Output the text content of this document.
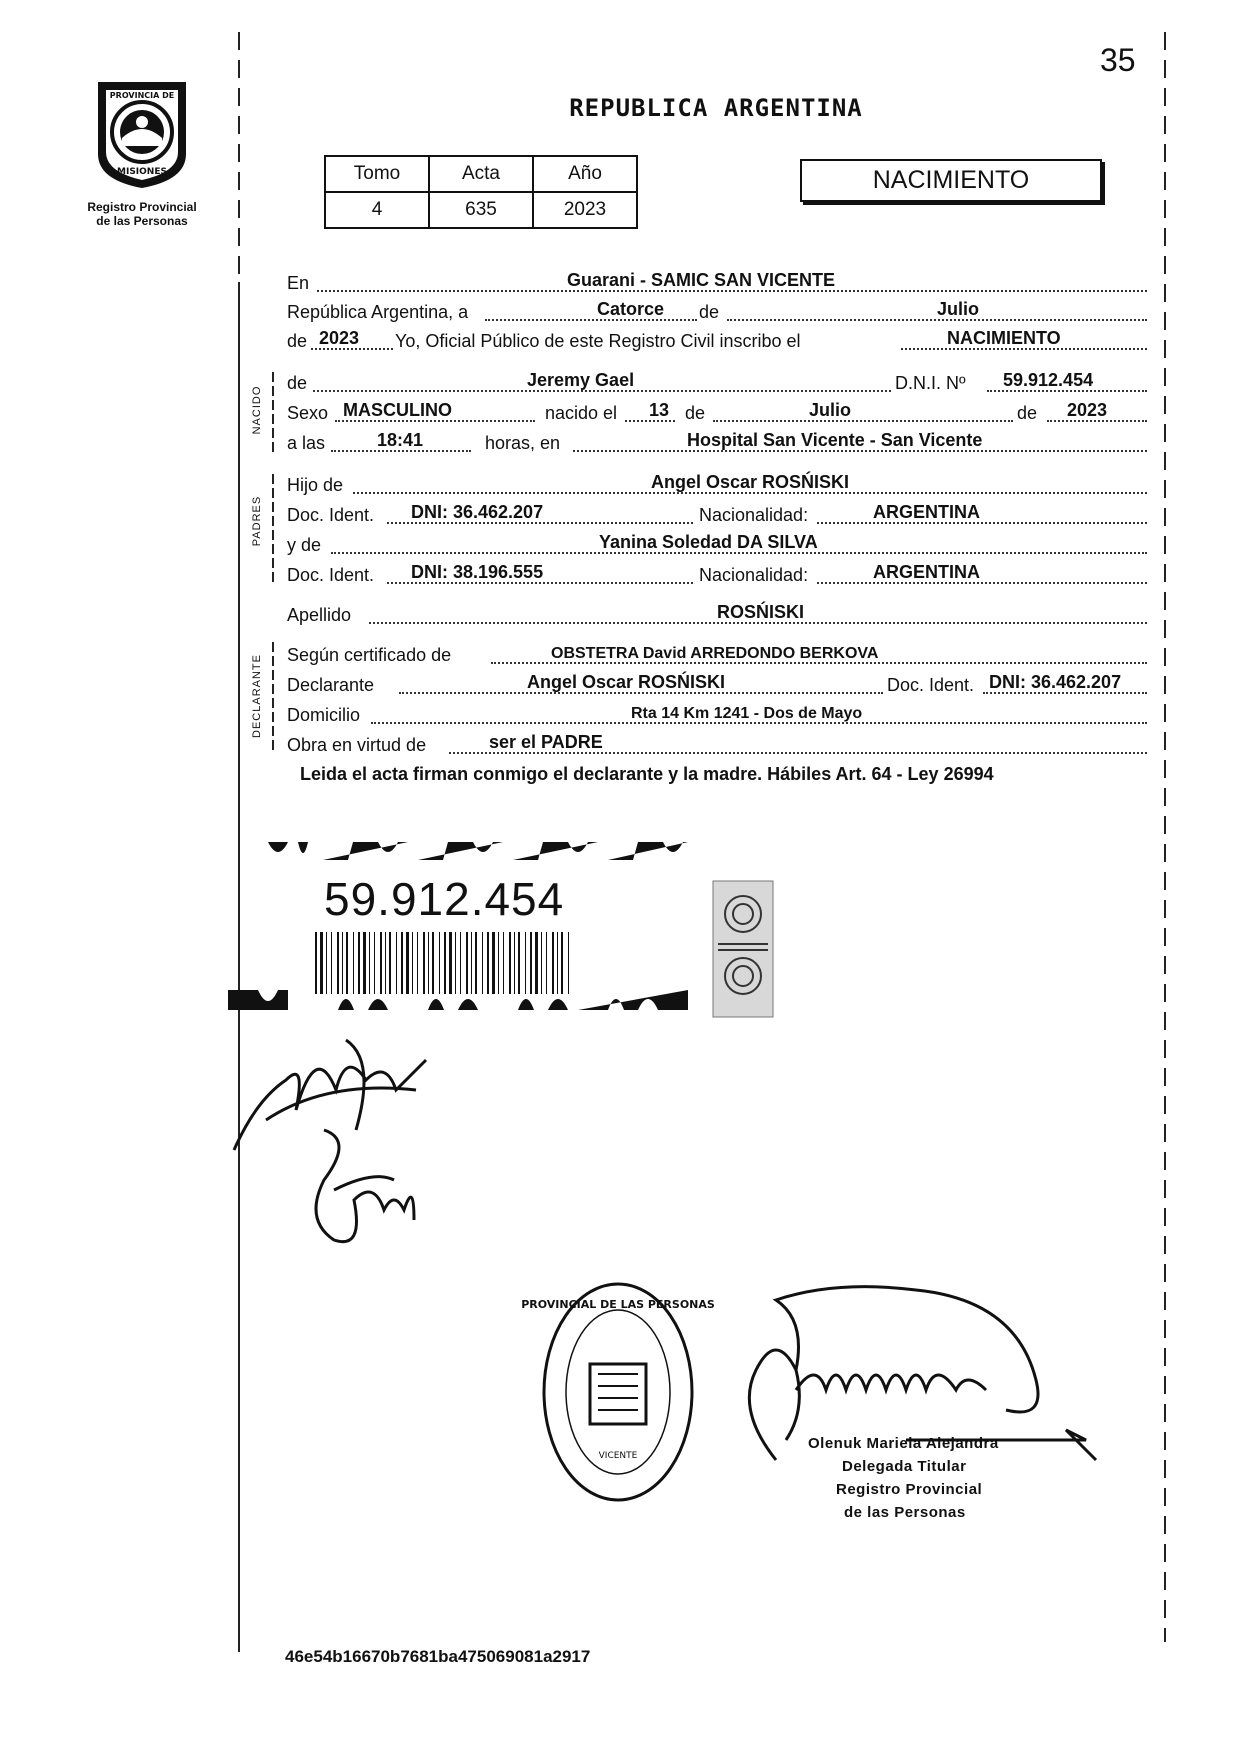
PROVINCIA DE
MISIONES
Registro Provincial
de las Personas
35
REPUBLICA ARGENTINA
Tomo	Acta	Año
4	635	2023
NACIMIENTO
En	Guarani - SAMIC SAN VICENTE
República Argentina, a	Catorce de	Julio
de 2023 Yo, Oficial Público de este Registro Civil inscribo el	NACIMIENTO
NACIDO
de	Jeremy Gael	D.N.I. Nº 59.912.454
Sexo MASCULINO	nacido el 13 de	Julio	de 2023
a las	18:41	horas, en	Hospital San Vicente - San Vicente
PADRES
Hijo de	Angel Oscar ROSŃISKI
Doc. Ident. DNI: 36.462.207	Nacionalidad:	ARGENTINA
y de	Yanina Soledad DA SILVA
Doc. Ident. DNI: 38.196.555	Nacionalidad:	ARGENTINA
Apellido	ROSŃISKI
DECLARANTE Según certificado de	OBSTETRA David ARREDONDO BERKOVA
Declarante	Angel Oscar ROSŃISKI	Doc. Ident. DNI: 36.462.207
Domicilio	Rta 14 Km 1241 - Dos de Mayo
Obra en virtud de	ser el PADRE
Leida el acta firman conmigo el declarante y la madre. Hábiles Art. 64 - Ley 26994
59.912.454
PROVINCIAL DE LAS PERSONAS
VICENTE
Olenuk Mariela Alejandra
Delegada Titular
Registro Provincial
de las Personas
46e54b16670b7681ba475069081a2917
